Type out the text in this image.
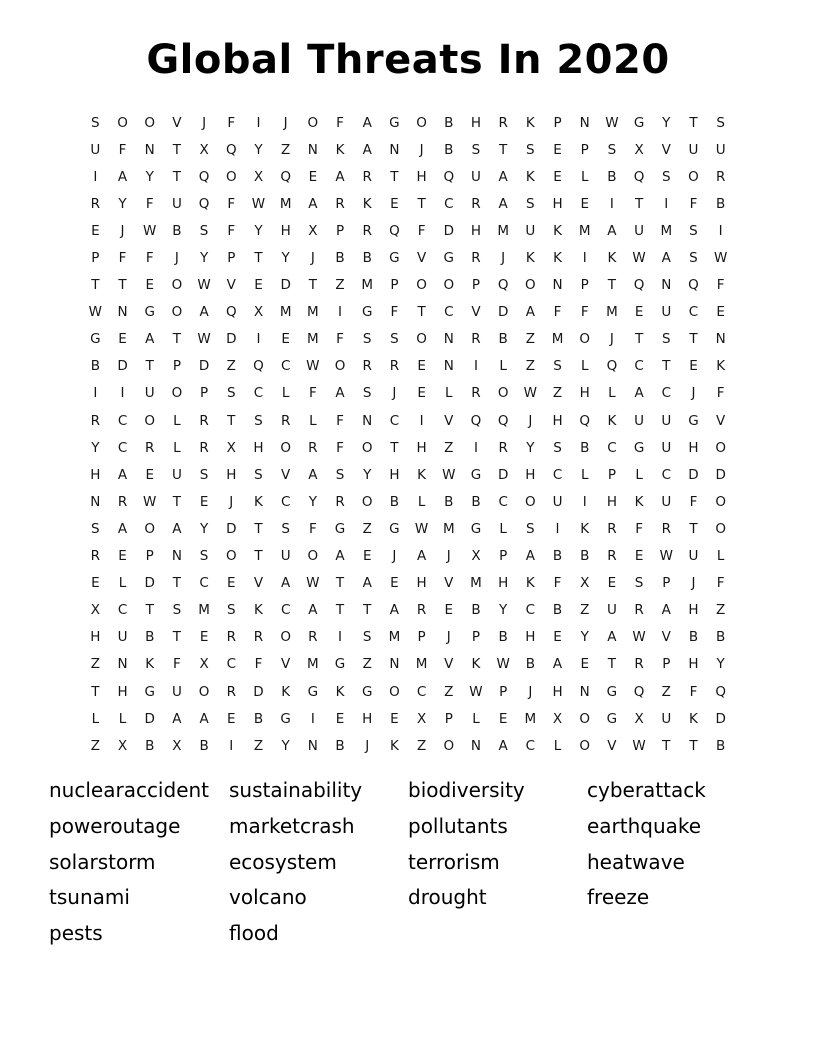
Global Threats In 2020
S	O	O	V	J	F	I	J	O	F	A	G	O	B	H	R	K	P	N	W	G	Y	T	S
U	F	N	T	X	Q	Y	Z	N	K	A	N	J	B	S	T	S	E	P	S	X	V	U	U
I	A	Y	T	Q	O	X	Q	E	A	R	T	H	Q	U	A	K	E	L	B	Q	S	O	R
R	Y	F	U	Q	F	W	M	A	R	K	E	T	C	R	A	S	H	E	I	T	I	F	B
E	J	W	B	S	F	Y	H	X	P	R	Q	F	D	H	M	U	K	M	A	U	M	S	I
P	F	F	J	Y	P	T	Y	J	B	B	G	V	G	R	J	K	K	I	K	W	A	S	W
T	T	E	O	W	V	E	D	T	Z	M	P	O	O	P	Q	O	N	P	T	Q	N	Q	F
W	N	G	O	A	Q	X	M	M	I	G	F	T	C	V	D	A	F	F	M	E	U	C	E
G	E	A	T	W	D	I	E	M	F	S	S	O	N	R	B	Z	M	O	J	T	S	T	N
B	D	T	P	D	Z	Q	C	W	O	R	R	E	N	I	L	Z	S	L	Q	C	T	E	K
I	I	U	O	P	S	C	L	F	A	S	J	E	L	R	O	W	Z	H	L	A	C	J	F
R	C	O	L	R	T	S	R	L	F	N	C	I	V	Q	Q	J	H	Q	K	U	U	G	V
Y	C	R	L	R	X	H	O	R	F	O	T	H	Z	I	R	Y	S	B	C	G	U	H	O
H	A	E	U	S	H	S	V	A	S	Y	H	K	W	G	D	H	C	L	P	L	C	D	D
N	R	W	T	E	J	K	C	Y	R	O	B	L	B	B	C	O	U	I	H	K	U	F	O
S	A	O	A	Y	D	T	S	F	G	Z	G	W	M	G	L	S	I	K	R	F	R	T	O
R	E	P	N	S	O	T	U	O	A	E	J	A	J	X	P	A	B	B	R	E	W	U	L
E	L	D	T	C	E	V	A	W	T	A	E	H	V	M	H	K	F	X	E	S	P	J	F
X	C	T	S	M	S	K	C	A	T	T	A	R	E	B	Y	C	B	Z	U	R	A	H	Z
H	U	B	T	E	R	R	O	R	I	S	M	P	J	P	B	H	E	Y	A	W	V	B	B
Z	N	K	F	X	C	F	V	M	G	Z	N	M	V	K	W	B	A	E	T	R	P	H	Y
T	H	G	U	O	R	D	K	G	K	G	O	C	Z	W	P	J	H	N	G	Q	Z	F	Q
L	L	D	A	A	E	B	G	I	E	H	E	X	P	L	E	M	X	O	G	X	U	K	D
Z	X	B	X	B	I	Z	Y	N	B	J	K	Z	O	N	A	C	L	O	V	W	T	T	B
nuclearaccident
poweroutage
solarstorm
tsunami
pests
sustainability
marketcrash
ecosystem
volcano
flood
biodiversity
pollutants
terrorism
drought
cyberattack
earthquake
heatwave
freeze
